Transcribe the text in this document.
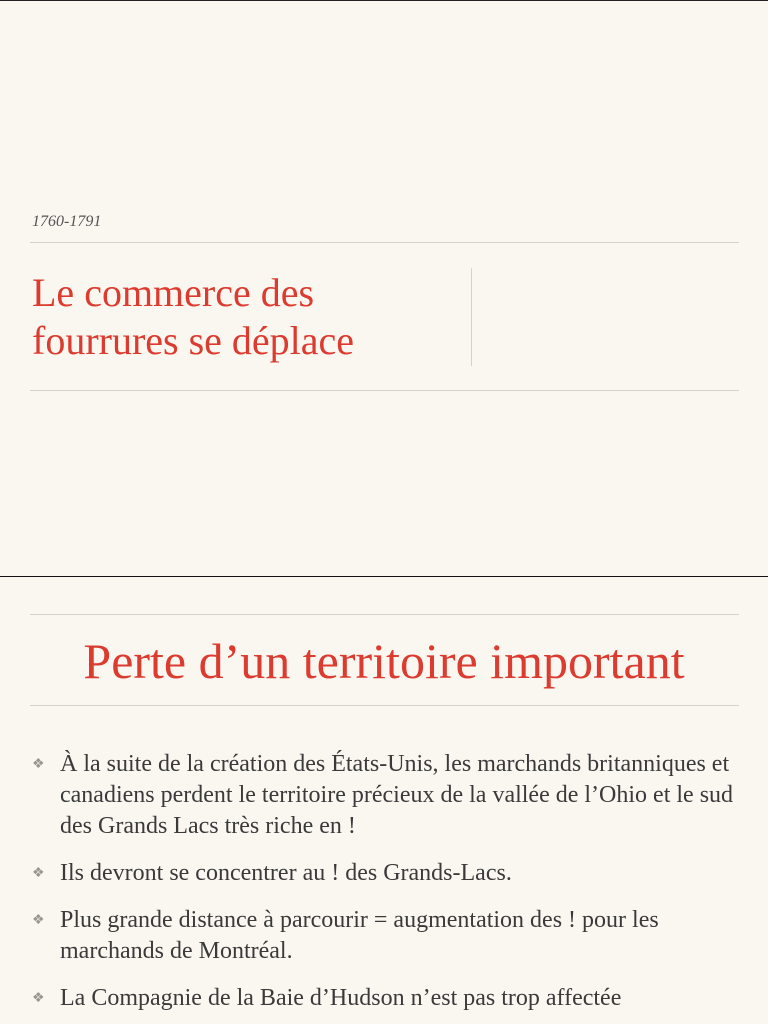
1760-1791
Le commerce des fourrures se déplace
Perte d’un territoire important
❖ À la suite de la création des États-Unis, les marchands britanniques et canadiens perdent le territoire précieux de la vallée de l’Ohio et le sud des Grands Lacs très riche en !
❖ Ils devront se concentrer au ! des Grands-Lacs.
❖ Plus grande distance à parcourir = augmentation des ! pour les marchands de Montréal.
❖ La Compagnie de la Baie d’Hudson n’est pas trop affectée
